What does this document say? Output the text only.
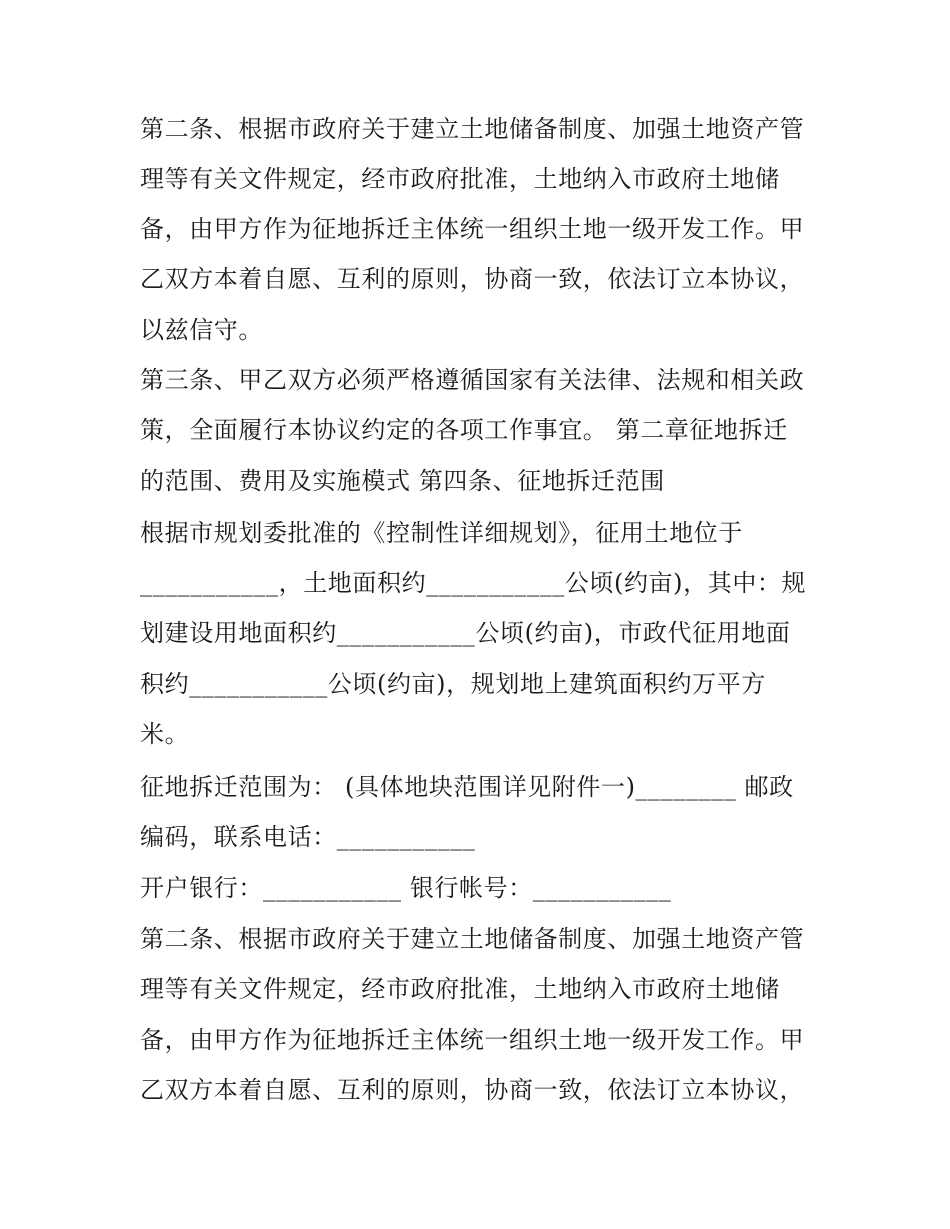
第二条、根据市政府关于建立土地储备制度、加强土地资产管
理等有关文件规定，经市政府批准，土地纳入市政府土地储
备，由甲方作为征地拆迁主体统一组织土地一级开发工作。甲
乙双方本着自愿、互利的原则，协商一致，依法订立本协议，
以兹信守。
第三条、甲乙双方必须严格遵循国家有关法律、法规和相关政
策，全面履行本协议约定的各项工作事宜。 第二章征地拆迁
的范围、费用及实施模式 第四条、征地拆迁范围
根据市规划委批准的《控制性详细规划》，征用土地位于
___________，土地面积约___________公顷(约亩)，其中：规
划建设用地面积约___________公顷(约亩)，市政代征用地面
积约___________公顷(约亩)，规划地上建筑面积约万平方
米。
征地拆迁范围为： (具体地块范围详见附件一)________ 邮政
编码，联系电话：___________
开户银行：___________ 银行帐号：___________
第二条、根据市政府关于建立土地储备制度、加强土地资产管
理等有关文件规定，经市政府批准，土地纳入市政府土地储
备，由甲方作为征地拆迁主体统一组织土地一级开发工作。甲
乙双方本着自愿、互利的原则，协商一致，依法订立本协议，
